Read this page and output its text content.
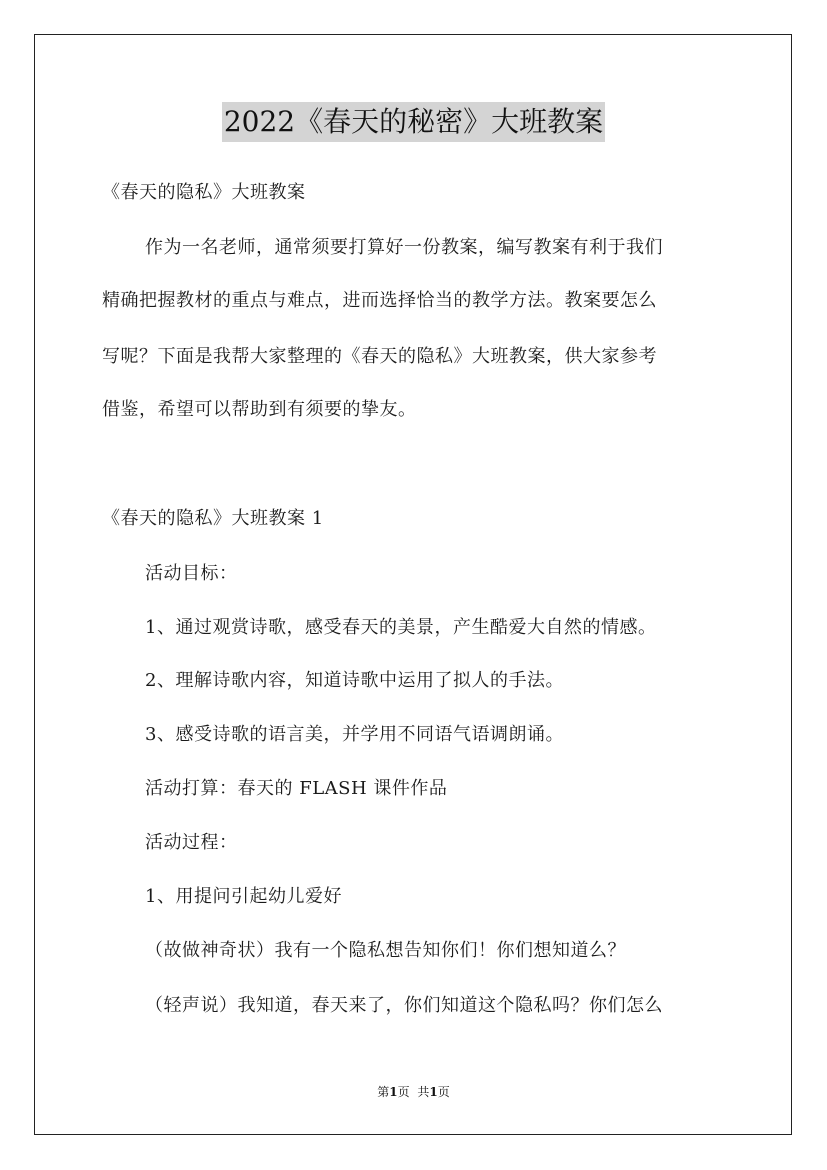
2022《春天的秘密》大班教案
《春天的隐私》大班教案
作为一名老师，通常须要打算好一份教案，编写教案有利于我们
精确把握教材的重点与难点，进而选择恰当的教学方法。教案要怎么
写呢？下面是我帮大家整理的《春天的隐私》大班教案，供大家参考
借鉴，希望可以帮助到有须要的挚友。
《春天的隐私》大班教案 1
活动目标：
1、通过观赏诗歌，感受春天的美景，产生酷爱大自然的情感。
2、理解诗歌内容，知道诗歌中运用了拟人的手法。
3、感受诗歌的语言美，并学用不同语气语调朗诵。
活动打算：春天的 FLASH 课件作品
活动过程：
1、用提问引起幼儿爱好
（故做神奇状）我有一个隐私想告知你们！你们想知道么？
（轻声说）我知道，春天来了，你们知道这个隐私吗？你们怎么
第1页 共1页
